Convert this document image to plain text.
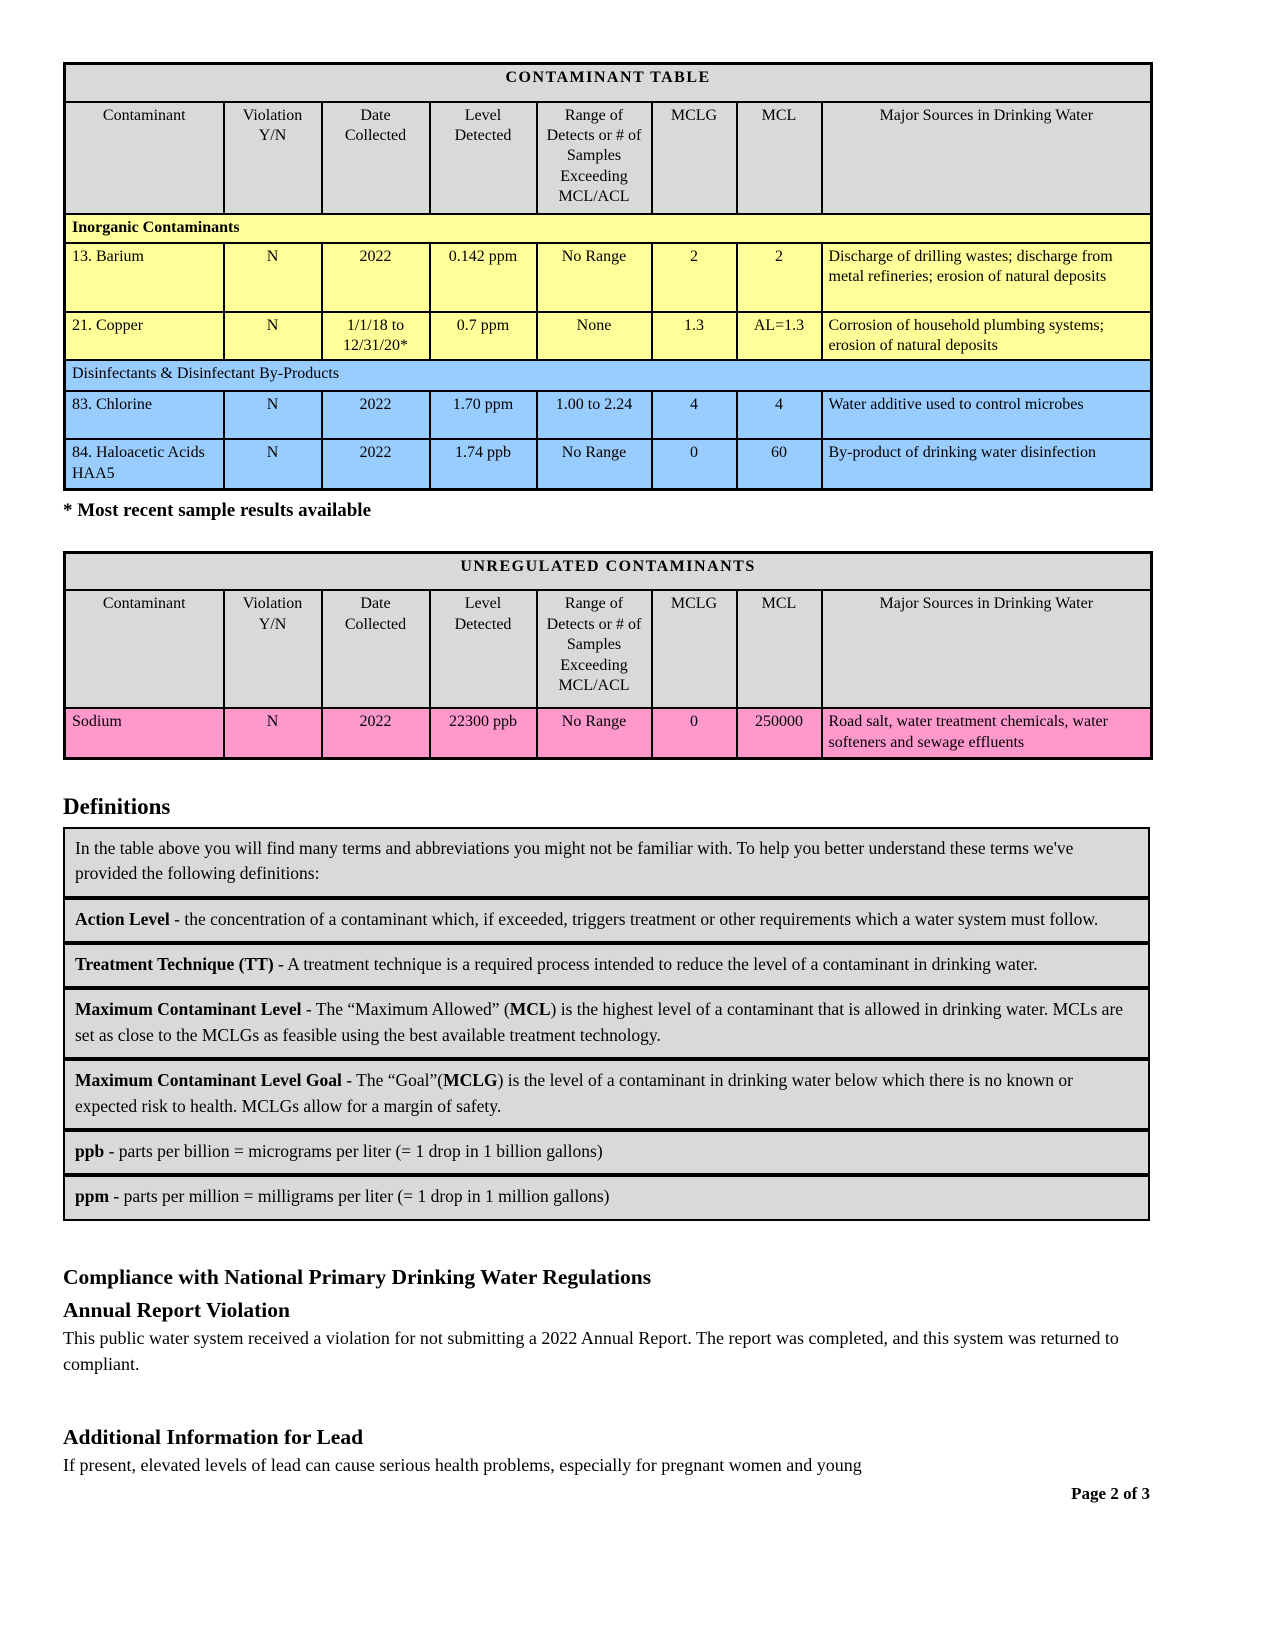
CONTAMINANT TABLE							
Contaminant	Violation Y/N	Date Collected	Level Detected	Range of Detects or # of Samples Exceeding MCL/ACL	MCLG	MCL	Major Sources in Drinking Water
Inorganic Contaminants							
13. Barium	N	2022	0.142 ppm	No Range	2	2	Discharge of drilling wastes; discharge from metal refineries; erosion of natural deposits
21. Copper	N	1/1/18 to 12/31/20*	0.7 ppm	None	1.3	AL=1.3	Corrosion of household plumbing systems; erosion of natural deposits
Disinfectants & Disinfectant By-Products							
83. Chlorine	N	2022	1.70 ppm	1.00 to 2.24	4	4	Water additive used to control microbes
84. Haloacetic Acids HAA5	N	2022	1.74 ppb	No Range	0	60	By-product of drinking water disinfection
* Most recent sample results available
UNREGULATED CONTAMINANTS							
Contaminant	Violation Y/N	Date Collected	Level Detected	Range of Detects or # of Samples Exceeding MCL/ACL	MCLG	MCL	Major Sources in Drinking Water
Sodium	N	2022	22300 ppb	No Range	0	250000	Road salt, water treatment chemicals, water softeners and sewage effluents
Definitions
In the table above you will find many terms and abbreviations you might not be familiar with. To help you better understand these terms we've provided the following definitions:
Action Level - the concentration of a contaminant which, if exceeded, triggers treatment or other requirements which a water system must follow.
Treatment Technique (TT) - A treatment technique is a required process intended to reduce the level of a contaminant in drinking water.
Maximum Contaminant Level - The “Maximum Allowed” (MCL) is the highest level of a contaminant that is allowed in drinking water. MCLs are set as close to the MCLGs as feasible using the best available treatment technology.
Maximum Contaminant Level Goal - The “Goal”(MCLG) is the level of a contaminant in drinking water below which there is no known or expected risk to health. MCLGs allow for a margin of safety.
ppb - parts per billion = micrograms per liter (= 1 drop in 1 billion gallons)
ppm - parts per million = milligrams per liter (= 1 drop in 1 million gallons)
Compliance with National Primary Drinking Water Regulations
Annual Report Violation
This public water system received a violation for not submitting a 2022 Annual Report. The report was completed, and this system was returned to compliant.
Additional Information for Lead
If present, elevated levels of lead can cause serious health problems, especially for pregnant women and young
Page 2 of 3
